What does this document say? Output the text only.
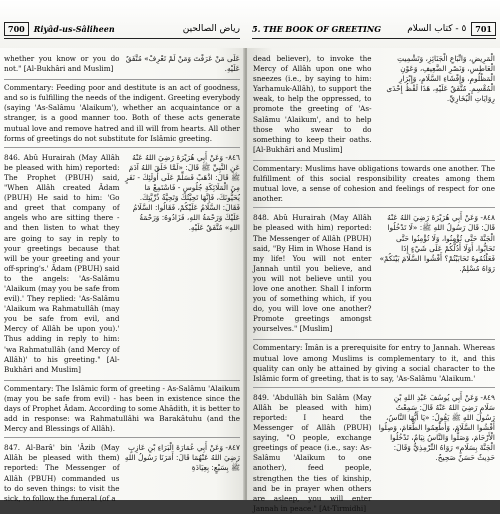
700	Riyâd-us-Sâliheen	رياض الصالحين 5. THE BOOK OF GREETING	٥ - كتاب السلام	701

whether you know or you do not." [Al-Bukhâri and Muslim]

عَلَى مَنْ عَرَفْتَ وَمَنْ لَمْ تَعْرِفْ» مُتَّفَقٌ عَلَيْهِ.

Commentary: Feeding poor and destitute is an act of goodness, and so is fulfilling the needs of the indigent. Greeting everybody (saying 'As-Salâmu 'Alaikum'), whether an acquaintance or a stranger, is a good manner too. Both of these acts generate mutual love and remove hatred and ill will from hearts. All other forms of greetings do not substitute for Islâmic greeting.

846. Abû Hurairah (May Allâh be pleased with him) reported: The Prophet (PBUH) said, "When Allâh created Âdam (PBUH) He said to him: 'Go and greet that company of angels who are sitting there - and then listen to what they are going to say in reply to your greetings because that will be your greeting and your off-spring's.' Âdam (PBUH) said to the angels: 'As-Salâmu 'Alaikum (may you be safe from evil).' They replied: 'As-Salâmu 'Alaikum wa Rahmatullâh (may you be safe from evil, and Mercy of Allâh be upon you).' Thus adding in reply to him: 'wa Rahmatullâh (and Mercy of Allâh)' to his greeting." [Al-Bukhâri and Muslim]

٨٤٦- وَعَنْ أَبِي هُرَيْرَةَ رَضِيَ اللهُ عَنْهُ عَنِ النَّبِيِّ ﷺ قَالَ: «لَمَّا خَلَقَ اللهُ آدَمَ ﷺ قَالَ: اذْهَبْ فَسَلِّمْ عَلَى أُولَئِكَ - نَفَرٍ مِنَ الْمَلَائِكَةِ جُلُوسٍ - فَاسْتَمِعْ مَا يُحَيُّونَكَ، فَإِنَّهَا تَحِيَّتُكَ وَتَحِيَّةُ ذُرِّيَّتِكَ. فَقَالَ: السَّلَامُ عَلَيْكُمْ، فَقَالُوا: السَّلَامُ عَلَيْكَ وَرَحْمَةُ اللهِ، فَزَادُوهُ: وَرَحْمَةُ اللهِ» مُتَّفَقٌ عَلَيْهِ.

Commentary: The Islâmic form of greeting - As-Salâmu 'Alaikum (may you be safe from evil) - has been in existence since the days of Prophet Âdam. According to some Ahâdith, it is better to add in response: wa Rahmatullâhi wa Barakâtuhu (and the Mercy and Blessings of Allâh).

847. Al-Barâ' bin 'Âzib (May Allâh be pleased with them) reported: The Messenger of Allâh (PBUH) commanded us to do seven things: to visit the sick, to follow the funeral (of a

٨٤٧- وَعَنْ أَبِي عُمَارَةَ الْبَرَاءِ بْنِ عَازِبٍ رَضِيَ اللهُ عَنْهُمَا قَالَ: أَمَرَنَا رَسُولُ اللهِ ﷺ بِسَبْعٍ: بِعِيَادَةِ

dead believer), to invoke the Mercy of Allâh upon one who sneezes (i.e., by saying to him: Yarhamuk-Allâh), to support the weak, to help the oppressed, to promote the greeting of 'As-Salâmu 'Alaikum', and to help those who swear to do something to keep their oaths. [Al-Bukhâri and Muslim]

الْمَرِيضِ، وَاتِّبَاعِ الْجَنَائِزِ، وَتَشْمِيتِ الْعَاطِسِ، وَنَصْرِ الضَّعِيفِ، وَعَوْنِ الْمَظْلُومِ، وَإِفْشَاءِ السَّلَامِ، وَإِبْرَارِ الْمُقْسِمِ. مُتَّفَقٌ عَلَيْهِ، هَذَا لَفْظُ إِحْدَى رِوَايَاتِ الْبُخَارِيِّ.

Commentary: Muslims have obligations towards one another. The fulfillment of this social responsibility creates among them mutual love, a sense of cohesion and feelings of respect for one another.

848. Abû Hurairah (May Allâh be pleased with him) reported: The Messenger of Allâh (PBUH) said, "By Him in Whose Hand is my life! You will not enter Jannah until you believe, and you will not believe until you love one another. Shall I inform you of something which, if you do, you will love one another? Promote greetings amongst yourselves." [Muslim]

٨٤٨- وَعَنْ أَبِي هُرَيْرَةَ رَضِيَ اللهُ عَنْهُ قَالَ: قَالَ رَسُولُ اللهِ ﷺ: «لَا تَدْخُلُوا الْجَنَّةَ حَتَّى تُؤْمِنُوا، وَلَا تُؤْمِنُوا حَتَّى تَحَابُّوا، أَوَلَا أَدُلُّكُمْ عَلَى شَيْءٍ إِذَا فَعَلْتُمُوهُ تَحَابَبْتُمْ؟ أَفْشُوا السَّلَامَ بَيْنَكُمْ» رَوَاهُ مُسْلِمٌ.

Commentary: Îmân is a prerequisite for entry to Jannah. Whereas mutual love among Muslims is complementary to it, and this quality can only be attained by giving a social character to the Islâmic form of greeting, that is to say, 'As-Salâmu 'Alaikum.'

849. 'Abdullâh bin Salâm (May Allâh be pleased with him) reported: I heard the Messenger of Allâh (PBUH) saying, "O people, exchange greetings of peace (i.e., say: As-Salâmu 'Alaikum to one another), feed people, strengthen the ties of kinship, and be in prayer when others are asleep, you will enter Jannah in peace." [At-Tirmidhi]

٨٤٩- وَعَنْ أَبِي يُوسُفَ عَبْدِ اللهِ بْنِ سَلَامٍ رَضِيَ اللهُ عَنْهُ قَالَ: سَمِعْتُ رَسُولَ اللهِ ﷺ يَقُولُ: «يَا أَيُّهَا النَّاسُ، أَفْشُوا السَّلَامَ، وَأَطْعِمُوا الطَّعَامَ، وَصِلُوا الْأَرْحَامَ، وَصَلُّوا وَالنَّاسُ نِيَامٌ، تَدْخُلُوا الْجَنَّةَ بِسَلَامٍ» رَوَاهُ التِّرْمِذِيُّ وَقَالَ: حَدِيثٌ حَسَنٌ صَحِيحٌ.
